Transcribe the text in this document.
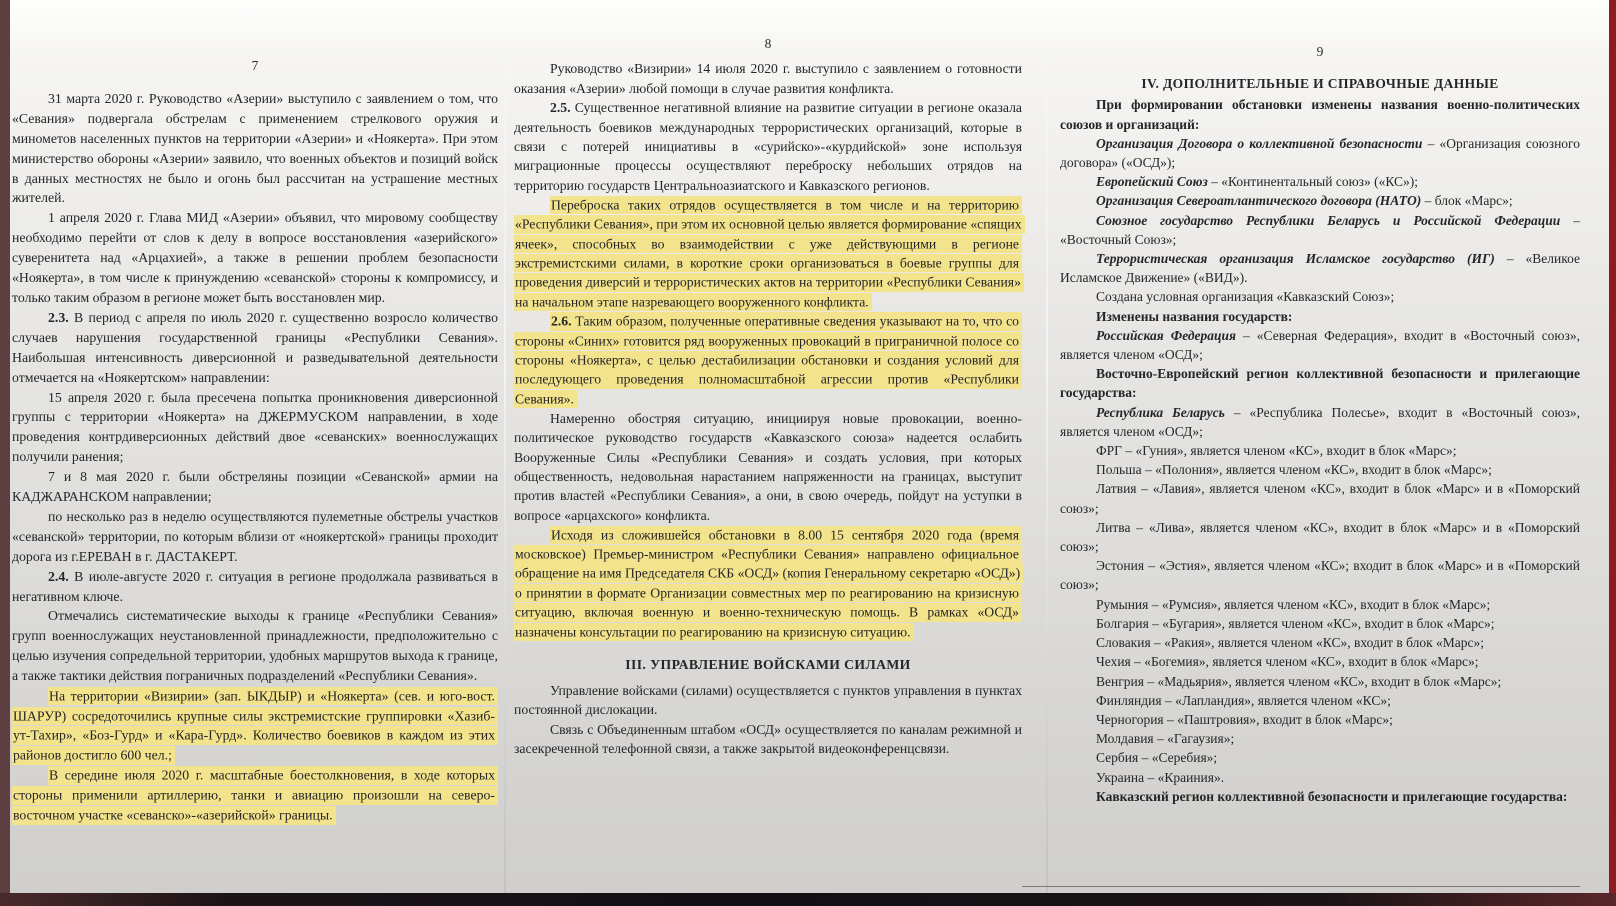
7

31 марта 2020 г. Руководство «Азерии» выступило с заявлением о том, что «Севания» подвергала обстрелам с применением стрелкового оружия и минометов населенных пунктов на территории «Азерии» и «Ноякерта». При этом министерство обороны «Азерии» заявило, что военных объектов и позиций войск в данных местностях не было и огонь был рассчитан на устрашение местных жителей.

1 апреля 2020 г. Глава МИД «Азерии» объявил, что мировому сообществу необходимо перейти от слов к делу в вопросе восстановления «азерийского» суверенитета над «Арцахией», а также в решении проблем безопасности «Ноякерта», в том числе к принуждению «севанской» стороны к компромиссу, и только таким образом в регионе может быть восстановлен мир.

2.3. В период с апреля по июль 2020 г. существенно возросло количество случаев нарушения государственной границы «Республики Севания». Наибольшая интенсивность диверсионной и разведывательной деятельности отмечается на «Ноякертском» направлении:

15 апреля 2020 г. была пресечена попытка проникновения диверсионной группы с территории «Ноякерта» на ДЖЕРМУСКОМ направлении, в ходе проведения контрдиверсионных действий двое «севанских» военнослужащих получили ранения;

7 и 8 мая 2020 г. были обстреляны позиции «Севанской» армии на КАДЖАРАНСКОМ направлении;

по несколько раз в неделю осуществляются пулеметные обстрелы участков «севанской» территории, по которым вблизи от «ноякертской» границы проходит дорога из г.ЕРЕВАН в г. ДАСТАКЕРТ.

2.4. В июле-августе 2020 г. ситуация в регионе продолжала развиваться в негативном ключе.

Отмечались систематические выходы к границе «Республики Севания» групп военнослужащих неустановленной принадлежности, предположительно с целью изучения сопредельной территории, удобных маршрутов выхода к границе, а также тактики действия пограничных подразделений «Республики Севания».

На территории «Визирии» (зап. ЫКДЫР) и «Ноякерта» (сев. и юго-вост. ШАРУР) сосредоточились крупные силы экстремистские группировки «Хазиб-ут-Тахир», «Боз-Гурд» и «Кара-Гурд». Количество боевиков в каждом из этих районов достигло 600 чел.;

В середине июля 2020 г. масштабные боестолкновения, в ходе которых стороны применили артиллерию, танки и авиацию произошли на северо-восточном участке «севанско»-«азерийской» границы.

8

Руководство «Визирии» 14 июля 2020 г. выступило с заявлением о готовности оказания «Азерии» любой помощи в случае развития конфликта.

2.5. Существенное негативной влияние на развитие ситуации в регионе оказала деятельность боевиков международных террористических организаций, которые в связи с потерей инициативы в «сурийско»-«курдийской» зоне используя миграционные процессы осуществляют переброску небольших отрядов на территорию государств Центральноазиатского и Кавказского регионов.

Переброска таких отрядов осуществляется в том числе и на территорию «Республики Севания», при этом их основной целью является формирование «спящих ячеек», способных во взаимодействии с уже действующими в регионе экстремистскими силами, в короткие сроки организоваться в боевые группы для проведения диверсий и террористических актов на территории «Республики Севания» на начальном этапе назревающего вооруженного конфликта.

2.6. Таким образом, полученные оперативные сведения указывают на то, что со стороны «Синих» готовится ряд вооруженных провокаций в приграничной полосе со стороны «Ноякерта», с целью дестабилизации обстановки и создания условий для последующего проведения полномасштабной агрессии против «Республики Севания».

Намеренно обостряя ситуацию, инициируя новые провокации, военно-политическое руководство государств «Кавказского союза» надеется ослабить Вооруженные Силы «Республики Севания» и создать условия, при которых общественность, недовольная нарастанием напряженности на границах, выступит против властей «Республики Севания», а они, в свою очередь, пойдут на уступки в вопросе «арцахского» конфликта.

Исходя из сложившейся обстановки в 8.00 15 сентября 2020 года (время московское) Премьер-министром «Республики Севания» направлено официальное обращение на имя Председателя СКБ «ОСД» (копия Генеральному секретарю «ОСД») о принятии в формате Организации совместных мер по реагированию на кризисную ситуацию, включая военную и военно-техническую помощь. В рамках «ОСД» назначены консультации по реагированию на кризисную ситуацию.

III. УПРАВЛЕНИЕ ВОЙСКАМИ СИЛАМИ

Управление войсками (силами) осуществляется с пунктов управления в пунктах постоянной дислокации.

Связь с Объединенным штабом «ОСД» осуществляется по каналам режимной и засекреченной телефонной связи, а также закрытой видеоконференцсвязи.

9

IV. ДОПОЛНИТЕЛЬНЫЕ И СПРАВОЧНЫЕ ДАННЫЕ

При формировании обстановки изменены названия военно-политических союзов и организаций:

Организация Договора о коллективной безопасности – «Организация союзного договора» («ОСД»);

Европейский Союз – «Континентальный союз» («КС»);

Организация Североатлантического договора (НАТО) – блок «Марс»;

Союзное государство Республики Беларусь и Российской Федерации – «Восточный Союз»;

Террористическая организация Исламское государство (ИГ) – «Великое Исламское Движение» («ВИД»).

Создана условная организация «Кавказский Союз»;

Изменены названия государств:

Российская Федерация – «Северная Федерация», входит в «Восточный союз», является членом «ОСД»;

Восточно-Европейский регион коллективной безопасности и прилегающие государства:

Республика Беларусь – «Республика Полесье», входит в «Восточный союз», является членом «ОСД»;

ФРГ – «Гуния», является членом «КС», входит в блок «Марс»;

Польша – «Полония», является членом «КС», входит в блок «Марс»;

Латвия – «Лавия», является членом «КС», входит в блок «Марс» и в «Поморский союз»;

Литва – «Лива», является членом «КС», входит в блок «Марс» и в «Поморский союз»;

Эстония – «Эстия», является членом «КС»; входит в блок «Марс» и в «Поморский союз»;

Румыния – «Румсия», является членом «КС», входит в блок «Марс»;

Болгария – «Бугария», является членом «КС», входит в блок «Марс»;

Словакия – «Ракия», является членом «КС», входит в блок «Марс»;

Чехия – «Богемия», является членом «КС», входит в блок «Марс»;

Венгрия – «Мадьярия», является членом «КС», входит в блок «Марс»;

Финляндия – «Лапландия», является членом «КС»;

Черногория – «Паштровия», входит в блок «Марс»;

Молдавия – «Гагаузия»;

Сербия – «Серебия»;

Украина – «Краиния».

Кавказский регион коллективной безопасности и прилегающие государства:
